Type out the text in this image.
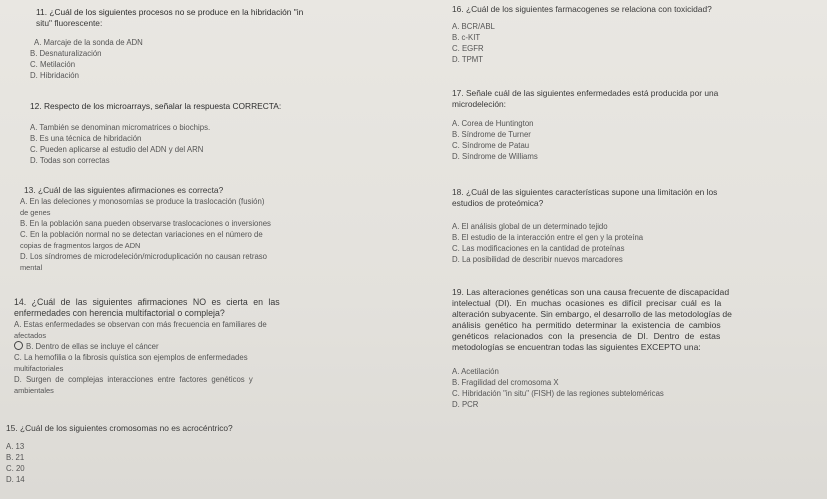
11. ¿Cuál de los siguientes procesos no se produce en la hibridación "in
situ" fluorescente:
A. Marcaje de la sonda de ADN
B. Desnaturalización
C. Metilación
D. Hibridación
12. Respecto de los microarrays, señalar la respuesta CORRECTA:
A. También se denominan micromatrices o biochips.
B. Es una técnica de hibridación
C. Pueden aplicarse al estudio del ADN y del ARN
D. Todas son correctas
13. ¿Cuál de las siguientes afirmaciones es correcta?
A. En las deleciones y monosomías se produce la traslocación (fusión)
de genes
B. En la población sana pueden observarse traslocaciones o inversiones
C. En la población normal no se detectan variaciones en el número de
copias de fragmentos largos de ADN
D. Los síndromes de microdeleción/microduplicación no causan retraso
mental
14. ¿Cuál de las siguientes afirmaciones NO es cierta en las
enfermedades con herencia multifactorial o compleja?
A. Estas enfermedades se observan con más frecuencia en familiares de
afectados
B. Dentro de ellas se incluye el cáncer
C. La hemofilia o la fibrosis quística son ejemplos de enfermedades
multifactoriales
D. Surgen de complejas interacciones entre factores genéticos y
ambientales
15. ¿Cuál de los siguientes cromosomas no es acrocéntrico?
A. 13
B. 21
C. 20
D. 14
16. ¿Cuál de los siguientes farmacogenes se relaciona con toxicidad?
A. BCR/ABL
B. c-KIT
C. EGFR
D. TPMT
17. Señale cuál de las siguientes enfermedades está producida por una
microdeleción:
A. Corea de Huntington
B. Síndrome de Turner
C. Síndrome de Patau
D. Síndrome de Williams
18. ¿Cuál de las siguientes características supone una limitación en los
estudios de proteómica?
A. El análisis global de un determinado tejido
B. El estudio de la interacción entre el gen y la proteína
C. Las modificaciones en la cantidad de proteínas
D. La posibilidad de describir nuevos marcadores
19. Las alteraciones genéticas son una causa frecuente de discapacidad
intelectual (DI). En muchas ocasiones es difícil precisar cuál es la
alteración subyacente. Sin embargo, el desarrollo de las metodologías de
análisis genético ha permitido determinar la existencia de cambios
genéticos relacionados con la presencia de DI. Dentro de estas
metodologías se encuentran todas las siguientes EXCEPTO una:
A. Acetilación
B. Fragilidad del cromosoma X
C. Hibridación "in situ" (FISH) de las regiones subteloméricas
D. PCR
